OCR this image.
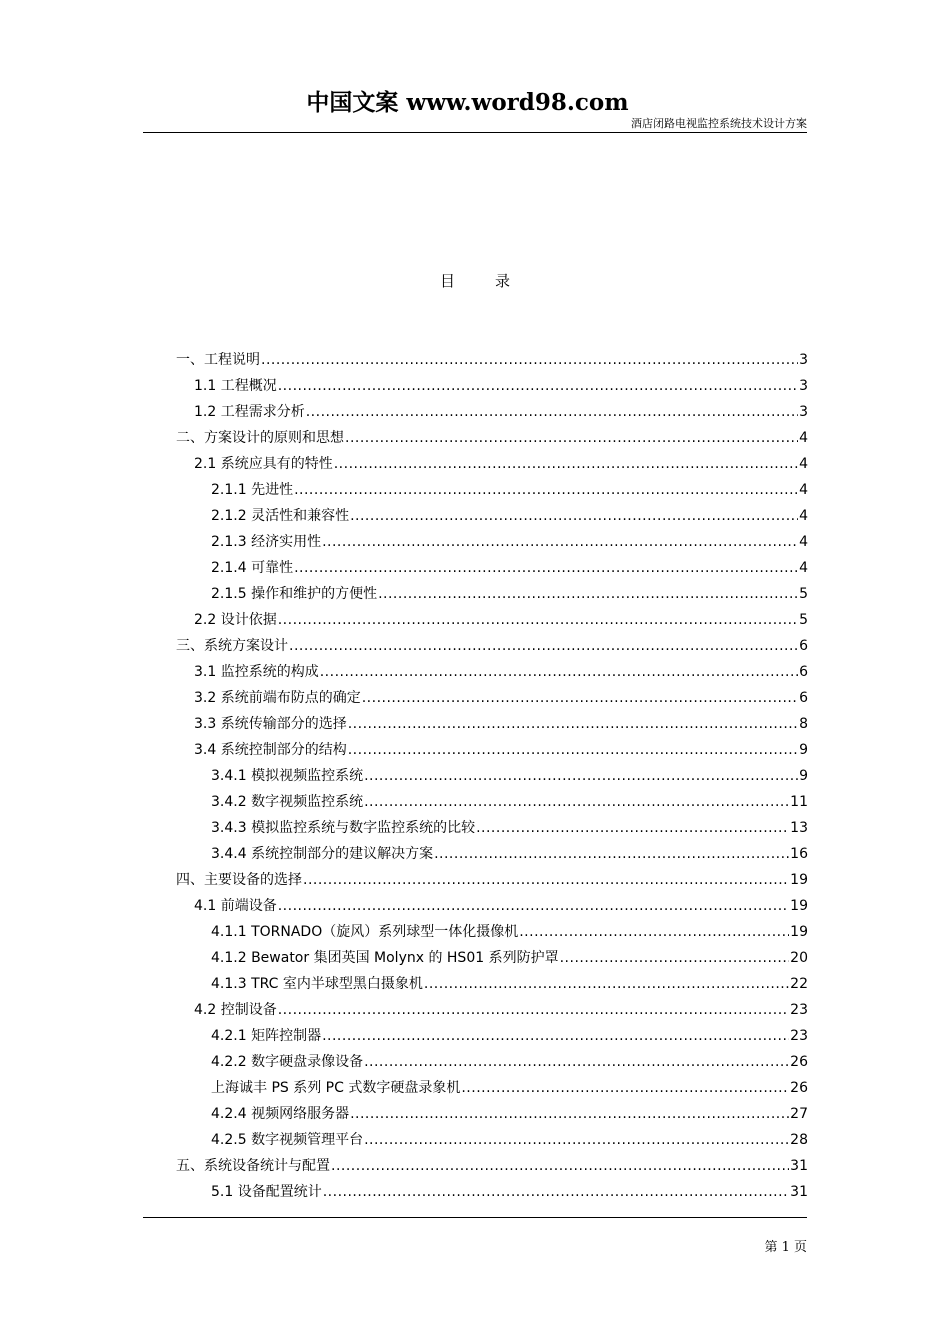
中国文案 www.word98.com
酒店闭路电视监控系统技术设计方案
目	录
一、工程说明 .....	3
1.1 工程概况 .....	3
1.2 工程需求分析 .....	3
二、方案设计的原则和思想 .....	4
2.1 系统应具有的特性 .....	4
2.1.1 先进性 .....	4
2.1.2 灵活性和兼容性 .....	4
2.1.3 经济实用性 .....	4
2.1.4 可靠性 .....	4
2.1.5 操作和维护的方便性 .....	5
2.2 设计依据 .....	5
三、系统方案设计 .....	6
3.1 监控系统的构成 .....	6
3.2 系统前端布防点的确定 .....	6
3.3 系统传输部分的选择 .....	8
3.4 系统控制部分的结构 .....	9
3.4.1 模拟视频监控系统 .....	9
3.4.2 数字视频监控系统 .....	11
3.4.3 模拟监控系统与数字监控系统的比较 .....	13
3.4.4 系统控制部分的建议解决方案 .....	16
四、主要设备的选择 .....	19
4.1 前端设备 .....	19
4.1.1 TORNADO（旋风）系列球型一体化摄像机 .....	19
4.1.2 Bewator 集团英国 Molynx 的 HS01 系列防护罩 .....	20
4.1.3 TRC 室内半球型黑白摄象机 .....	22
4.2 控制设备 .....	23
4.2.1 矩阵控制器 .....	23
4.2.2 数字硬盘录像设备 .....	26
上海诚丰 PS 系列 PC 式数字硬盘录象机 .....	26
4.2.4 视频网络服务器 .....	27
4.2.5 数字视频管理平台 .....	28
五、系统设备统计与配置 .....	31
5.1 设备配置统计 .....	31
第 1 页
